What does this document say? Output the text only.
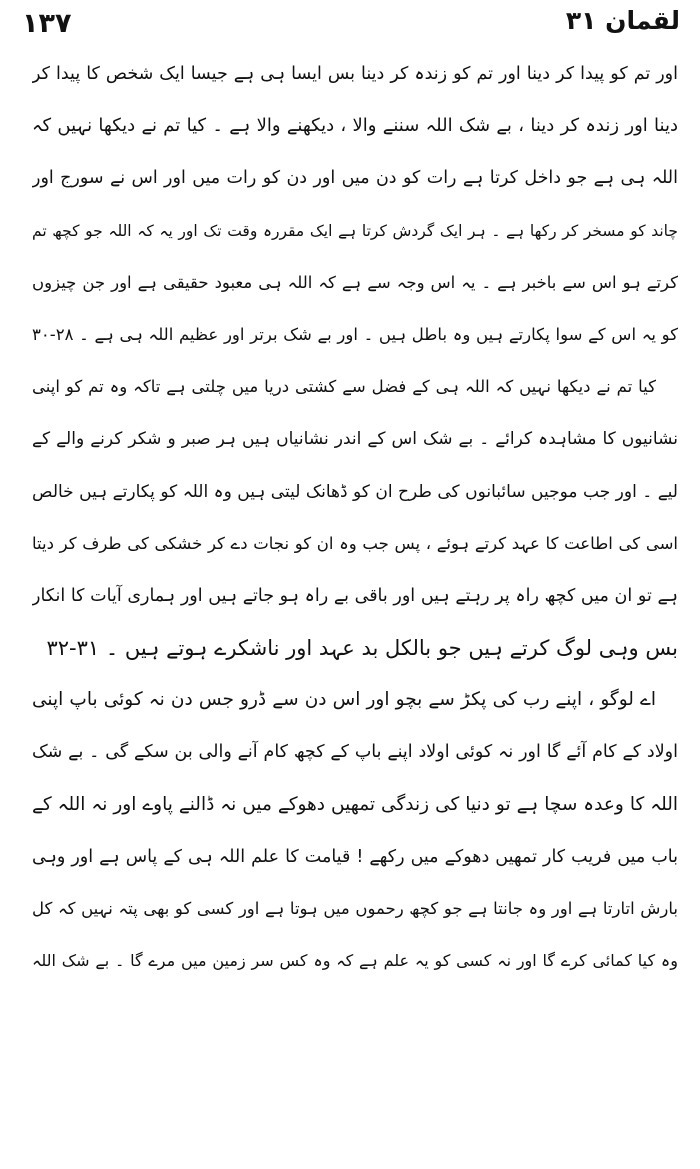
۱۳۷	لقمان ۳۱
اور تم کو پیدا کر دینا اور تم کو زندہ کر دینا بس ایسا ہی ہے جیسا ایک شخص کا پیدا کر
دینا اور زندہ کر دینا ، بے شک اللہ سننے والا ، دیکھنے والا ہے ۔ کیا تم نے دیکھا نہیں کہ
اللہ ہی ہے جو داخل کرتا ہے رات کو دن میں اور دن کو رات میں اور اس نے سورج اور
چاند کو مسخر کر رکھا ہے ۔ ہر ایک گردش کرتا ہے ایک مقررہ وقت تک اور یہ کہ اللہ جو کچھ تم
کرتے ہو اس سے باخبر ہے ۔ یہ اس وجہ سے ہے کہ اللہ ہی معبود حقیقی ہے اور جن چیزوں
کو یہ اس کے سوا پکارتے ہیں وہ باطل ہیں ۔ اور بے شک برتر اور عظیم اللہ ہی ہے ۔ ۲۸-۳۰
کیا تم نے دیکھا نہیں کہ اللہ ہی کے فضل سے کشتی دریا میں چلتی ہے تاکہ وہ تم کو اپنی
نشانیوں کا مشاہدہ کرائے ۔ بے شک اس کے اندر نشانیاں ہیں ہر صبر و شکر کرنے والے کے
لیے ۔ اور جب موجیں سائبانوں کی طرح ان کو ڈھانک لیتی ہیں وہ اللہ کو پکارتے ہیں خالص
اسی کی اطاعت کا عہد کرتے ہوئے ، پس جب وہ ان کو نجات دے کر خشکی کی طرف کر دیتا
ہے تو ان میں کچھ راہ پر رہتے ہیں اور باقی بے راہ ہو جاتے ہیں اور ہماری آیات کا انکار
بس وہی لوگ کرتے ہیں جو بالکل بد عہد اور ناشکرے ہوتے ہیں ۔ ۳۱-۳۲
اے لوگو ، اپنے رب کی پکڑ سے بچو اور اس دن سے ڈرو جس دن نہ کوئی باپ اپنی
اولاد کے کام آئے گا اور نہ کوئی اولاد اپنے باپ کے کچھ کام آنے والی بن سکے گی ۔ بے شک
اللہ کا وعدہ سچا ہے تو دنیا کی زندگی تمھیں دھوکے میں نہ ڈالنے پاوے اور نہ اللہ کے
باب میں فریب کار تمھیں دھوکے میں رکھے ! قیامت کا علم اللہ ہی کے پاس ہے اور وہی
بارش اتارتا ہے اور وہ جانتا ہے جو کچھ رحموں میں ہوتا ہے اور کسی کو بھی پتہ نہیں کہ کل
وہ کیا کمائی کرے گا اور نہ کسی کو یہ علم ہے کہ وہ کس سر زمین میں مرے گا ۔ بے شک اللہ
